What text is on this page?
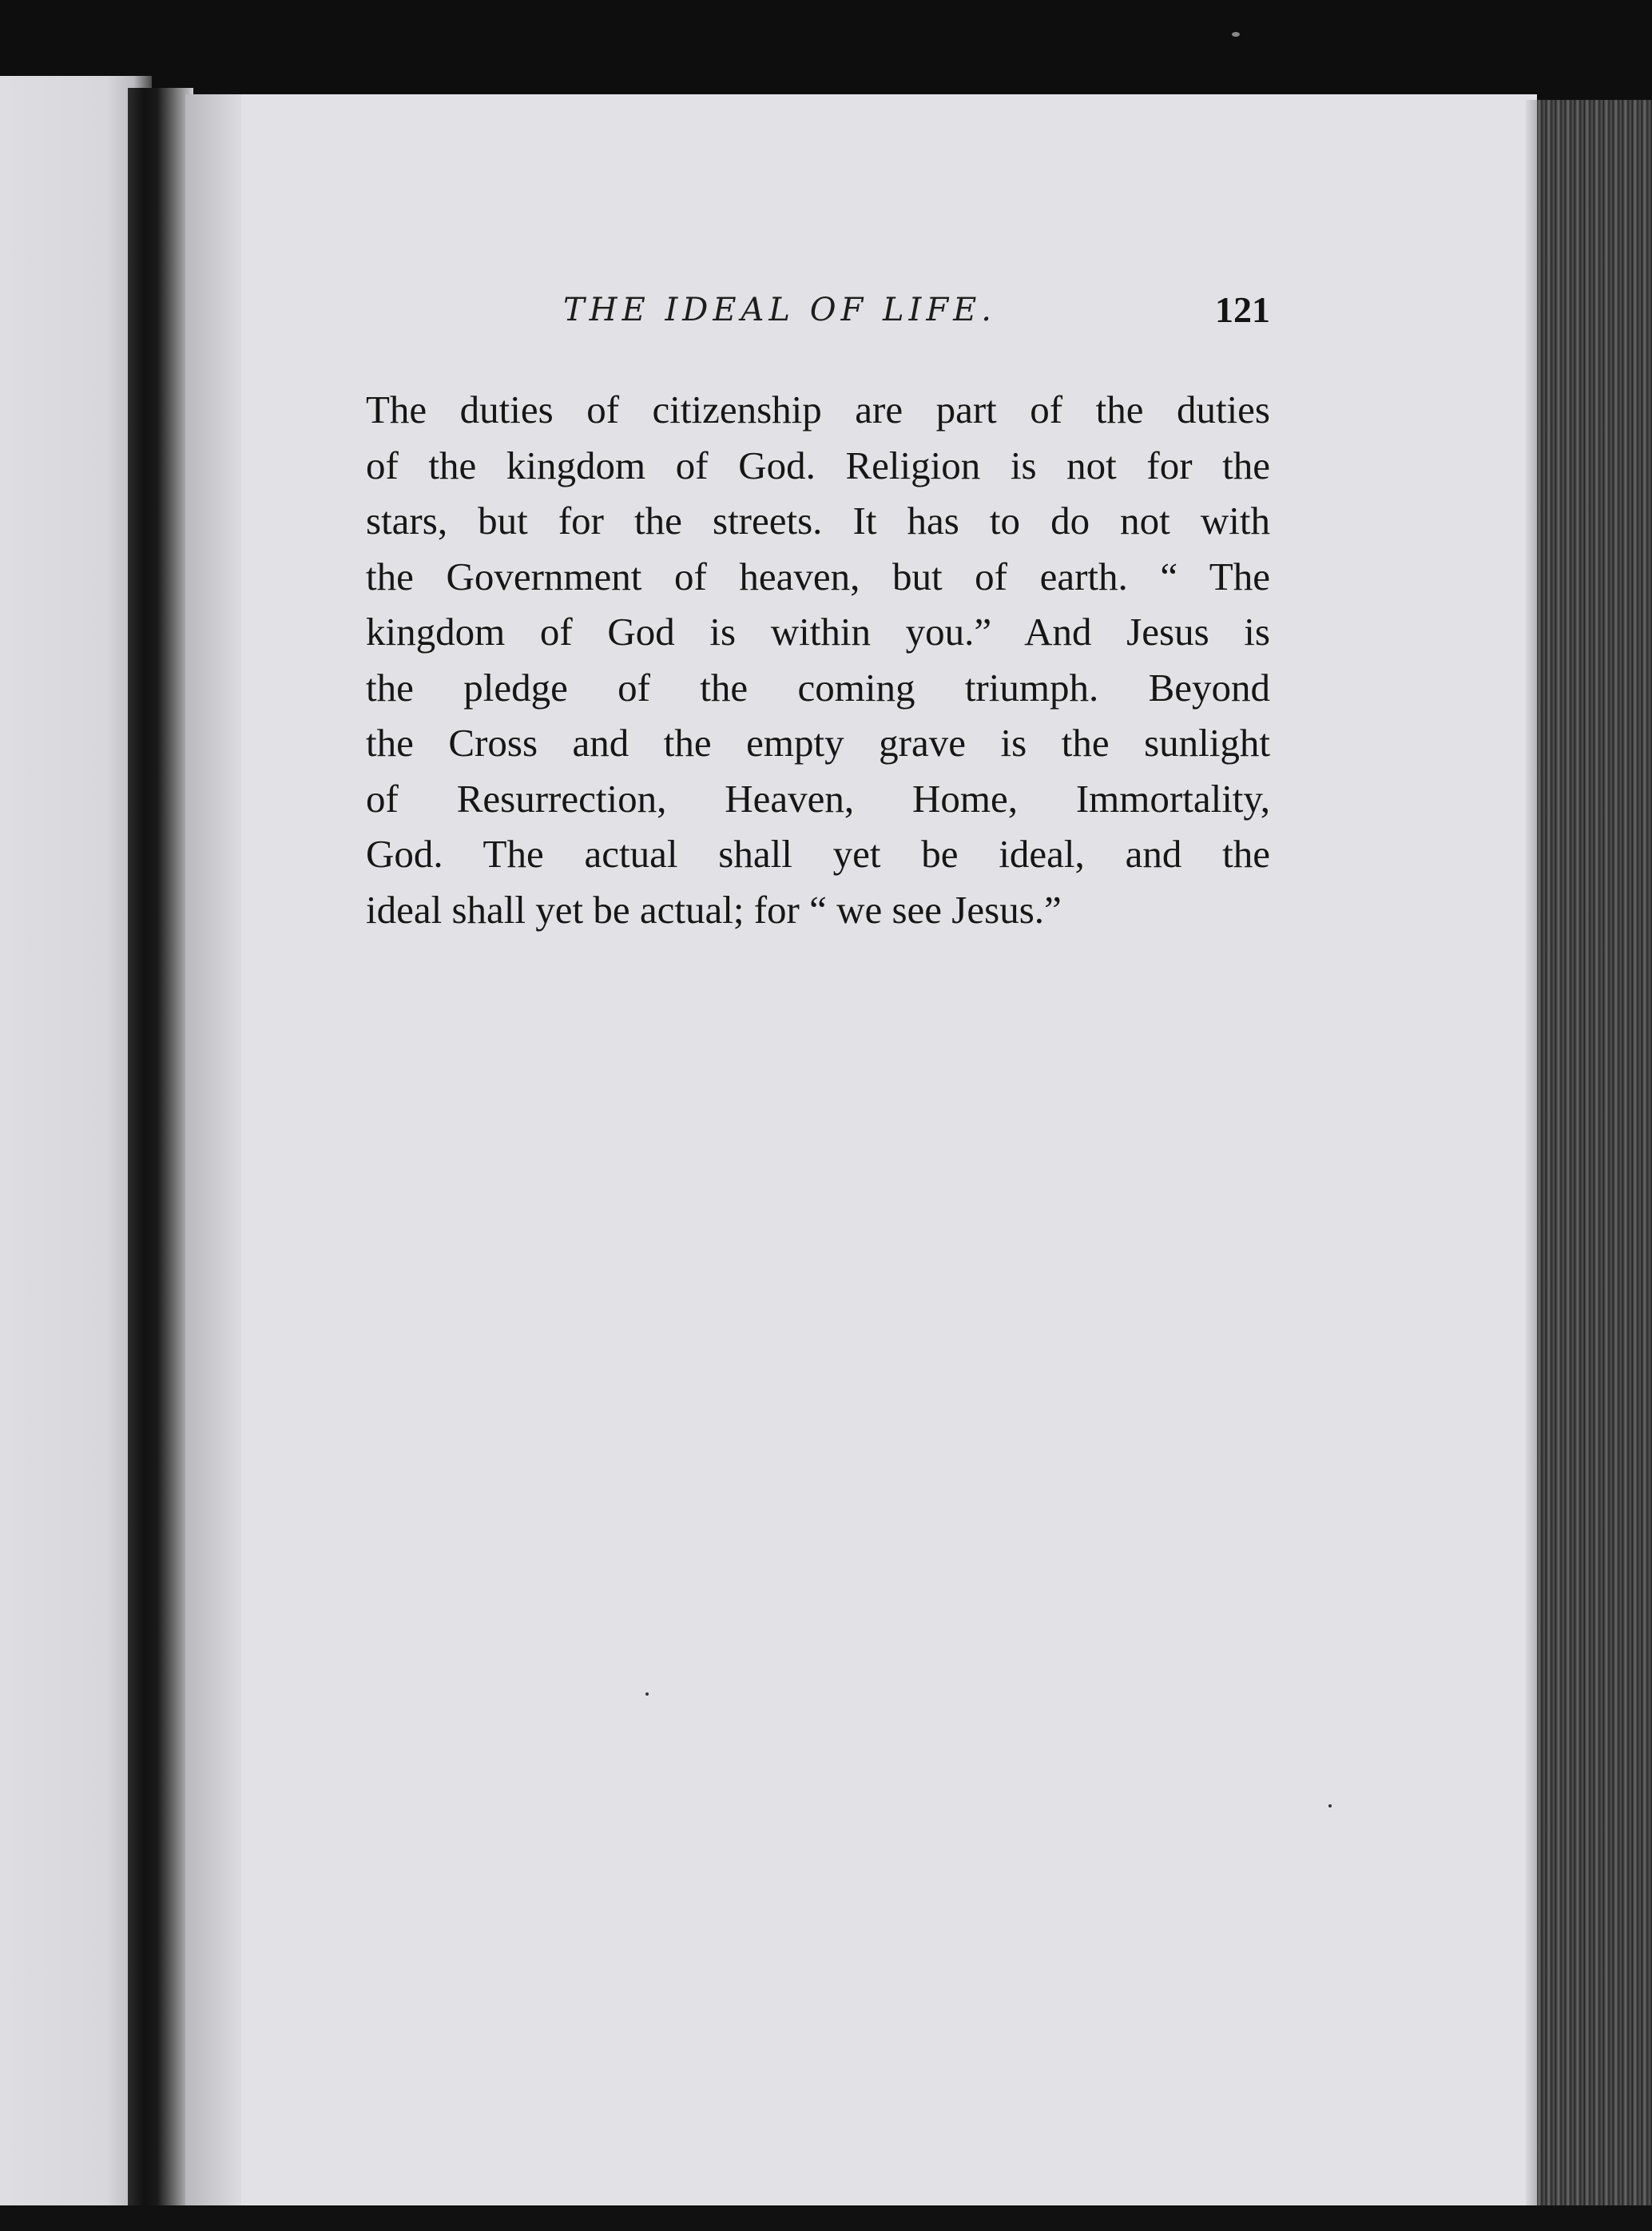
THE IDEAL OF LIFE.	121
The duties of citizenship are part of the duties
of the kingdom of God. Religion is not for the
stars, but for the streets. It has to do not with
the Government of heaven, but of earth. “ The
kingdom of God is within you.” And Jesus is
the pledge of the coming triumph. Beyond
the Cross and the empty grave is the sunlight
of Resurrection, Heaven, Home, Immortality,
God. The actual shall yet be ideal, and the
ideal shall yet be actual; for “ we see Jesus.”
